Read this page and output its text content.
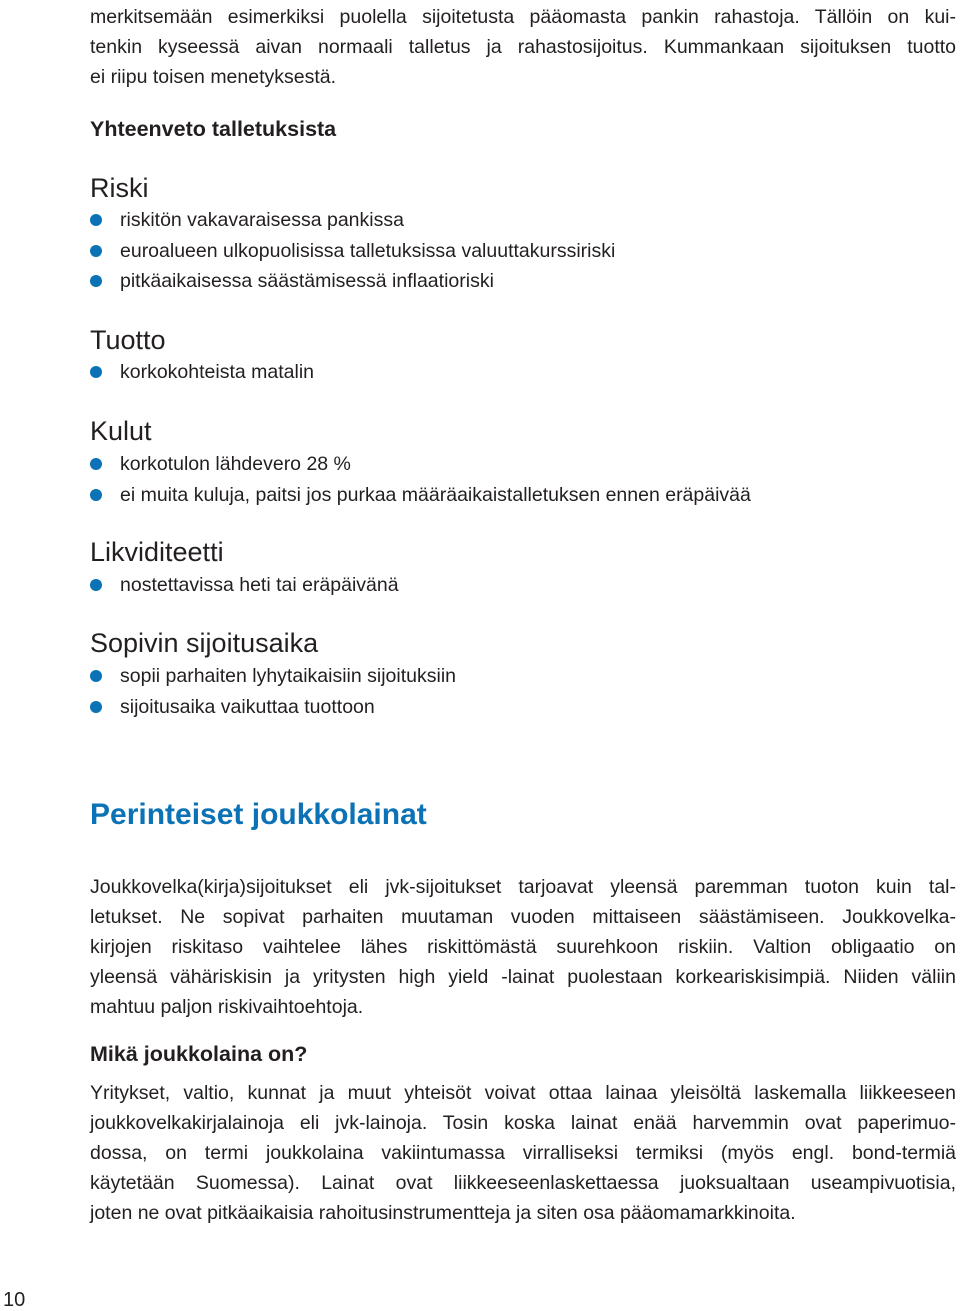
merkitsemään esimerkiksi puolella sijoitetusta pääomasta pankin rahastoja. Tällöin on kui-
tenkin kyseessä aivan normaali talletus ja rahastosijoitus. Kummankaan sijoituksen tuotto
ei riipu toisen menetyksestä.

Yhteenveto talletuksista
Riski
riskitön vakavaraisessa pankissa
euroalueen ulkopuolisissa talletuksissa valuuttakurssiriski
pitkäaikaisessa säästämisessä inflaatioriski
Tuotto
korkokohteista matalin
Kulut
korkotulon lähdevero 28 %
ei muita kuluja, paitsi jos purkaa määräaikaistalletuksen ennen eräpäivää
Likviditeetti
nostettavissa heti tai eräpäivänä
Sopivin sijoitusaika
sopii parhaiten lyhytaikaisiin sijoituksiin
sijoitusaika vaikuttaa tuottoon
Perinteiset joukkolainat

Joukkovelka(kirja)sijoitukset eli jvk-sijoitukset tarjoavat yleensä paremman tuoton kuin tal-
letukset. Ne sopivat parhaiten muutaman vuoden mittaiseen säästämiseen. Joukkovelka-
kirjojen riskitaso vaihtelee lähes riskittömästä suurehkoon riskiin. Valtion obligaatio on
yleensä vähäriskisin ja yritysten high yield -lainat puolestaan korkeariskisimpiä. Niiden väliin
mahtuu paljon riskivaihtoehtoja.

Mikä joukkolaina on?

Yritykset, valtio, kunnat ja muut yhteisöt voivat ottaa lainaa yleisöltä laskemalla liikkeeseen
joukkovelkakirjalainoja eli jvk-lainoja. Tosin koska lainat enää harvemmin ovat paperimuo-
dossa, on termi joukkolaina vakiintumassa virralliseksi termiksi (myös engl. bond-termiä
käytetään Suomessa). Lainat ovat liikkeeseenlaskettaessa juoksualtaan useampivuotisia,
joten ne ovat pitkäaikaisia rahoitusinstrumentteja ja siten osa pääomamarkkinoita.

10
